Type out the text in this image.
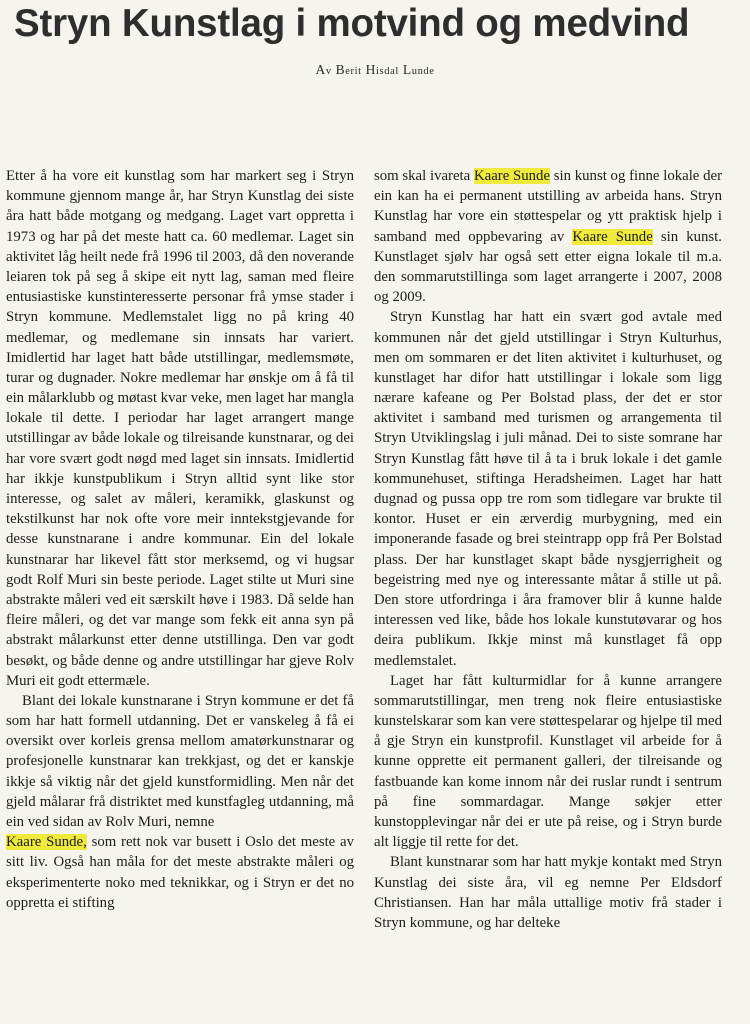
Stryn Kunstlag i motvind og medvind
Av Berit Hisdal Lunde

Etter å ha vore eit kunstlag som har markert seg i Stryn kommune gjennom mange år, har Stryn Kunstlag dei siste åra hatt både motgang og medgang. Laget vart oppretta i 1973 og har på det meste hatt ca. 60 medlemar. Laget sin aktivitet låg heilt nede frå 1996 til 2003, då den noverande leiaren tok på seg å skipe eit nytt lag, saman med fleire entusiastiske kunstinteresserte personar frå ymse stader i Stryn kommune. Medlemstalet ligg no på kring 40 medlemar, og medlemane sin innsats har variert. Imidlertid har laget hatt både utstillingar, medlemsmøte, turar og dugnader. Nokre medlemar har ønskje om å få til ein målarklubb og møtast kvar veke, men laget har mangla lokale til dette. I periodar har laget arrangert mange utstillingar av både lokale og tilreisande kunstnarar, og dei har vore svært godt nøgd med laget sin innsats. Imidlertid har ikkje kunstpublikum i Stryn alltid synt like stor interesse, og salet av måleri, keramikk, glaskunst og tekstilkunst har nok ofte vore meir inntekstgjevande for desse kunstnarane i andre kommunar. Ein del lokale kunstnarar har likevel fått stor merksemd, og vi hugsar godt Rolf Muri sin beste periode. Laget stilte ut Muri sine abstrakte måleri ved eit særskilt høve i 1983. Då selde han fleire måleri, og det var mange som fekk eit anna syn på abstrakt målarkunst etter denne utstillinga. Den var godt besøkt, og både denne og andre utstillingar har gjeve Rolv Muri eit godt ettermæle.

Blant dei lokale kunstnarane i Stryn kommune er det få som har hatt formell utdanning. Det er vanskeleg å få ei oversikt over korleis grensa mellom amatørkunstnarar og profesjonelle kunstnarar kan trekkjast, og det er kanskje ikkje så viktig når det gjeld kunstformidling. Men når det gjeld målarar frå distriktet med kunstfagleg utdanning, må ein ved sidan av Rolv Muri, nemne
Kaare Sunde, som rett nok var busett i Oslo det meste av sitt liv. Også han måla for det meste abstrakte måleri og eksperimenterte noko med teknikkar, og i Stryn er det no oppretta ei stifting

som skal ivareta Kaare Sunde sin kunst og finne lokale der ein kan ha ei permanent utstilling av arbeida hans. Stryn Kunstlag har vore ein støttespelar og ytt praktisk hjelp i samband med oppbevaring av Kaare Sunde sin kunst. Kunstlaget sjølv har også sett etter eigna lokale til m.a. den sommarutstillinga som laget arrangerte i 2007, 2008 og 2009.

Stryn Kunstlag har hatt ein svært god avtale med kommunen når det gjeld utstillingar i Stryn Kulturhus, men om sommaren er det liten aktivitet i kulturhuset, og kunstlaget har difor hatt utstillingar i lokale som ligg nærare kafeane og Per Bolstad plass, der det er stor aktivitet i samband med turismen og arrangementa til Stryn Utviklingslag i juli månad. Dei to siste somrane har Stryn Kunstlag fått høve til å ta i bruk lokale i det gamle kommunehuset, stiftinga Heradsheimen. Laget har hatt dugnad og pussa opp tre rom som tidlegare var brukte til kontor. Huset er ein ærverdig murbygning, med ein imponerande fasade og brei steintrapp opp frå Per Bolstad plass. Der har kunstlaget skapt både nysgjerrigheit og begeistring med nye og interessante måtar å stille ut på. Den store utfordringa i åra framover blir å kunne halde interessen ved like, både hos lokale kunstutøvarar og hos deira publikum. Ikkje minst må kunstlaget få opp medlemstalet.

Laget har fått kulturmidlar for å kunne arrangere sommarutstillingar, men treng nok fleire entusiastiske kunstelskarar som kan vere støttespelarar og hjelpe til med å gje Stryn ein kunstprofil. Kunstlaget vil arbeide for å kunne opprette eit permanent galleri, der tilreisande og fastbuande kan kome innom når dei ruslar rundt i sentrum på fine sommardagar. Mange søkjer etter kunstopplevingar når dei er ute på reise, og i Stryn burde alt liggje til rette for det.

Blant kunstnarar som har hatt mykje kontakt med Stryn Kunstlag dei siste åra, vil eg nemne Per Eldsdorf Christiansen. Han har måla uttallige motiv frå stader i Stryn kommune, og har delteke
